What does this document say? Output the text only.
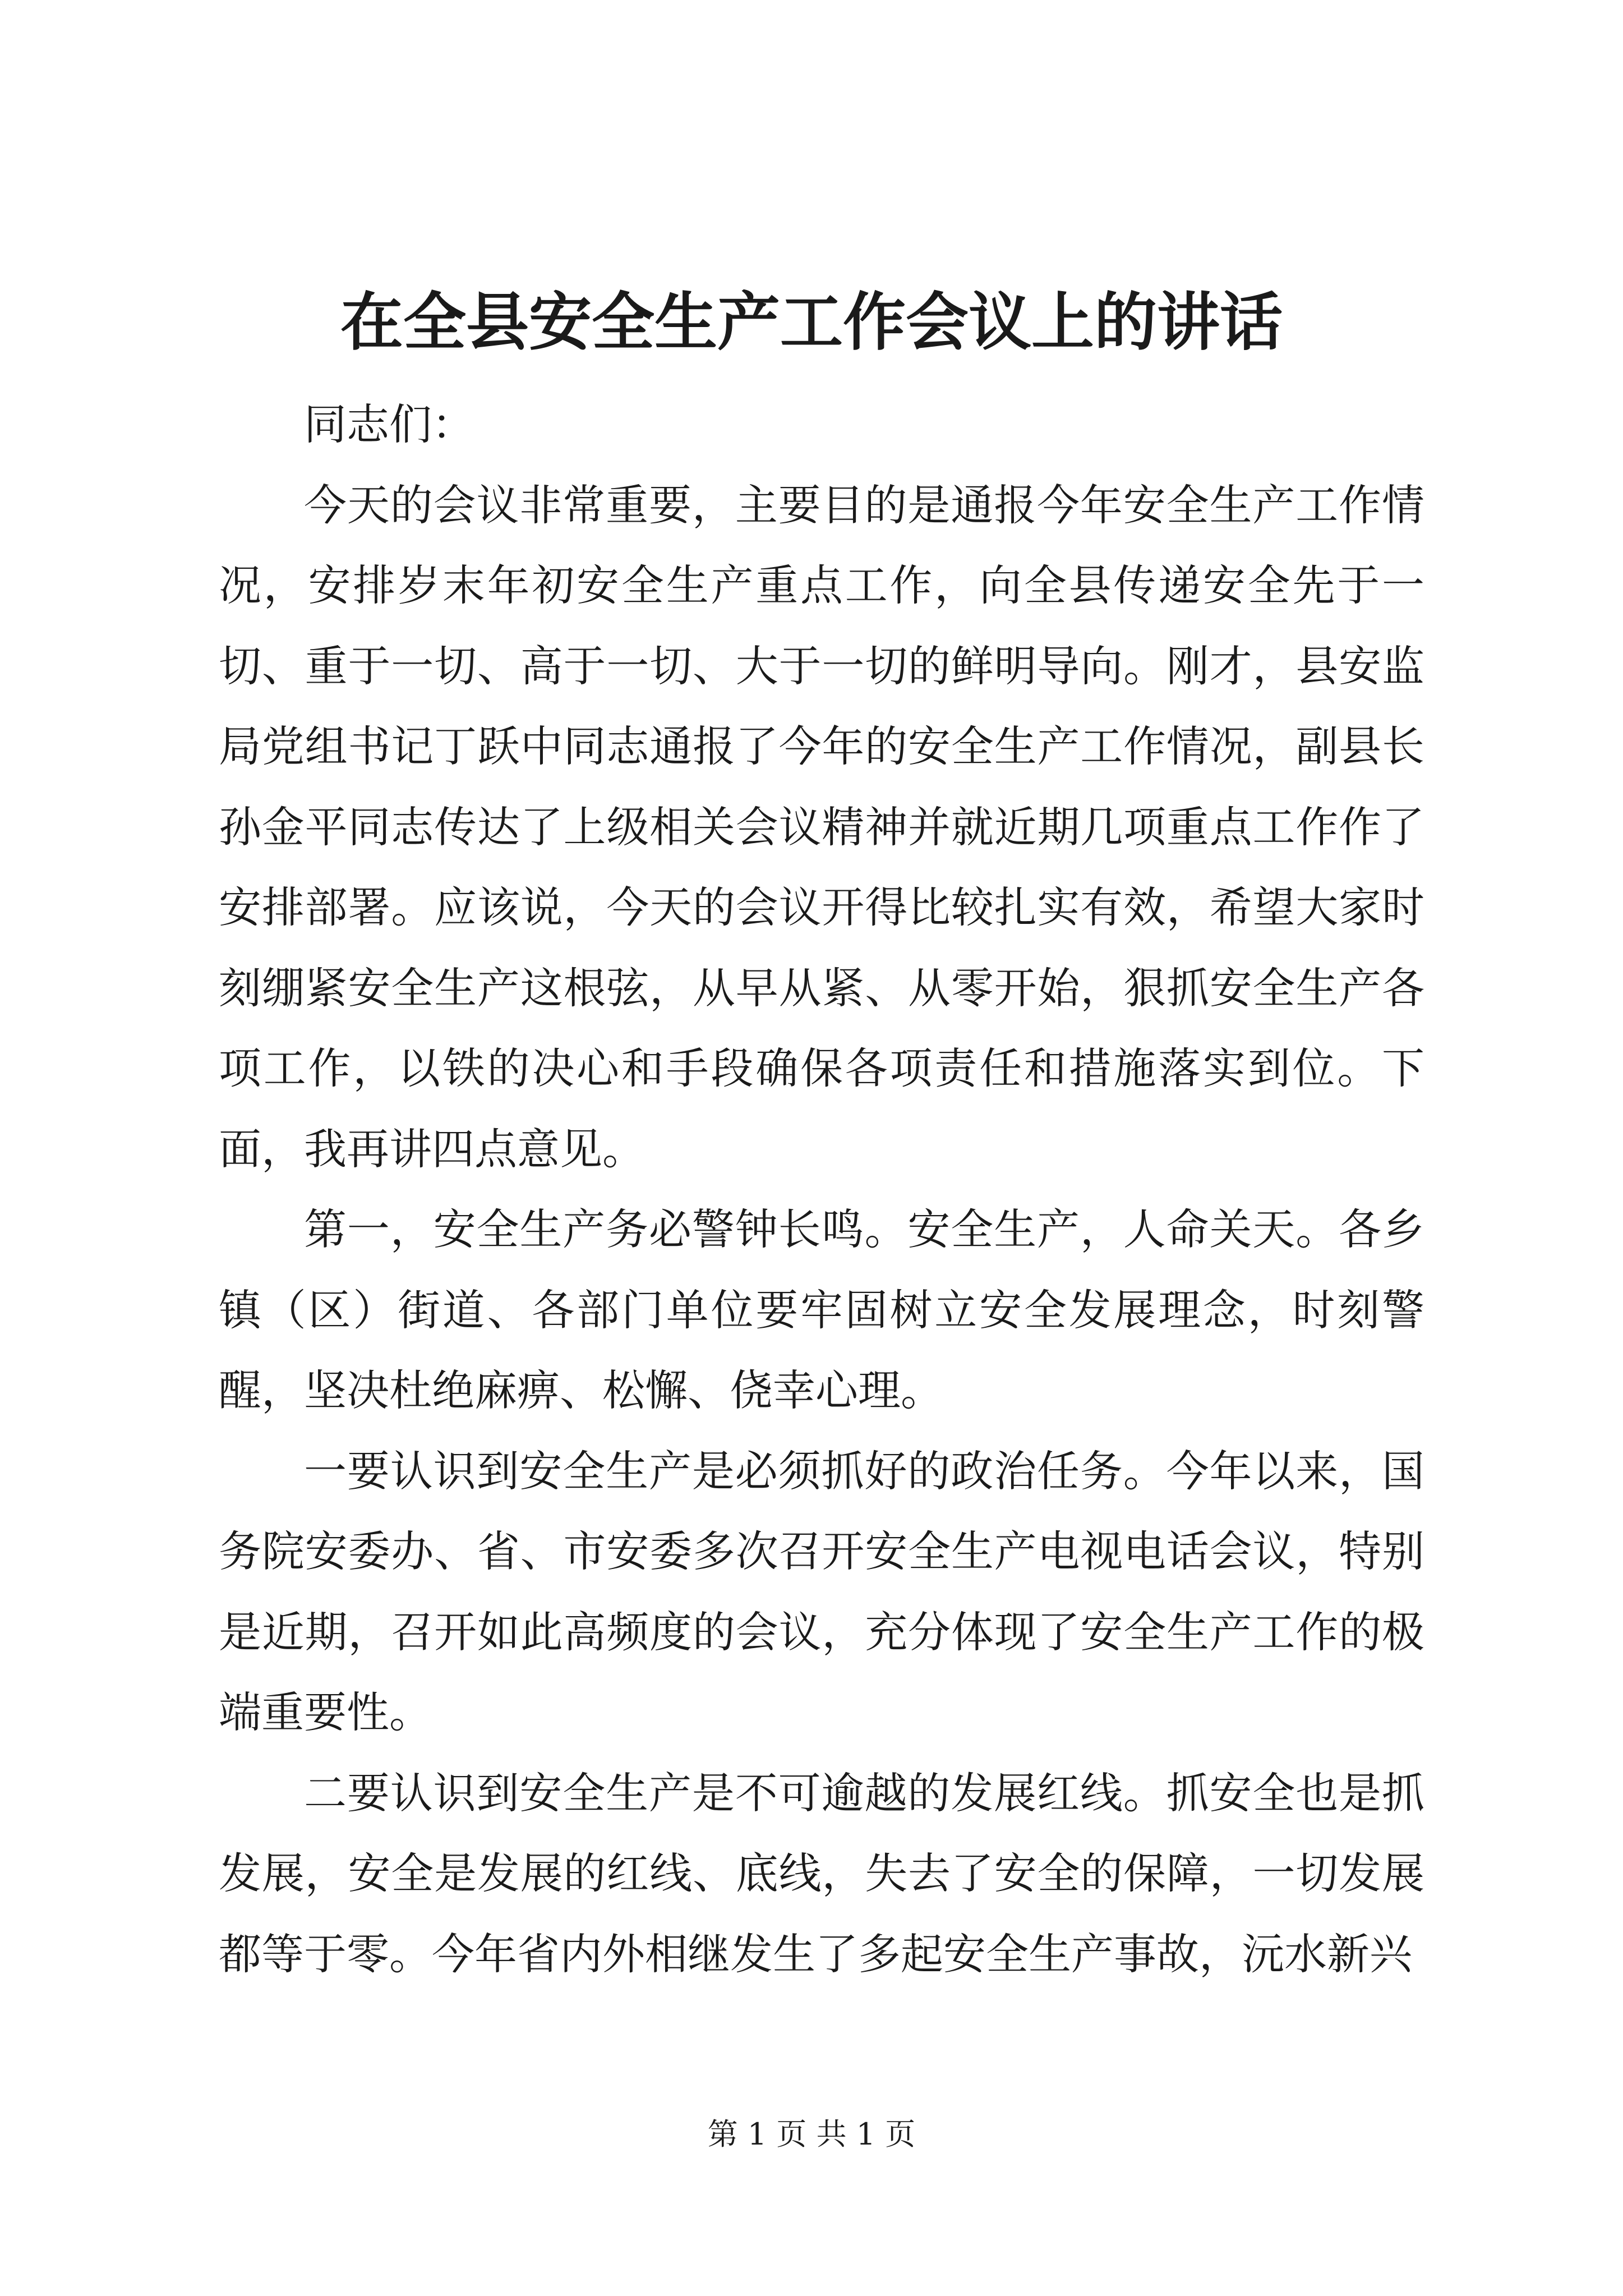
在全县安全生产工作会议上的讲话

同志们：

今天的会议非常重要，主要目的是通报今年安全生产工作情况，安排岁末年初安全生产重点工作，向全县传递安全先于一切、重于一切、高于一切、大于一切的鲜明导向。刚才，县安监局党组书记丁跃中同志通报了今年的安全生产工作情况，副县长孙金平同志传达了上级相关会议精神并就近期几项重点工作作了安排部署。应该说，今天的会议开得比较扎实有效，希望大家时刻绷紧安全生产这根弦，从早从紧、从零开始，狠抓安全生产各项工作，以铁的决心和手段确保各项责任和措施落实到位。下面，我再讲四点意见。

第一，安全生产务必警钟长鸣。安全生产，人命关天。各乡镇（区）街道、各部门单位要牢固树立安全发展理念，时刻警醒，坚决杜绝麻痹、松懈、侥幸心理。

一要认识到安全生产是必须抓好的政治任务。今年以来，国务院安委办、省、市安委多次召开安全生产电视电话会议，特别是近期，召开如此高频度的会议，充分体现了安全生产工作的极端重要性。

二要认识到安全生产是不可逾越的发展红线。抓安全也是抓发展，安全是发展的红线、底线，失去了安全的保障，一切发展都等于零。今年省内外相继发生了多起安全生产事故，沅水新兴

第 1 页 共 1 页
